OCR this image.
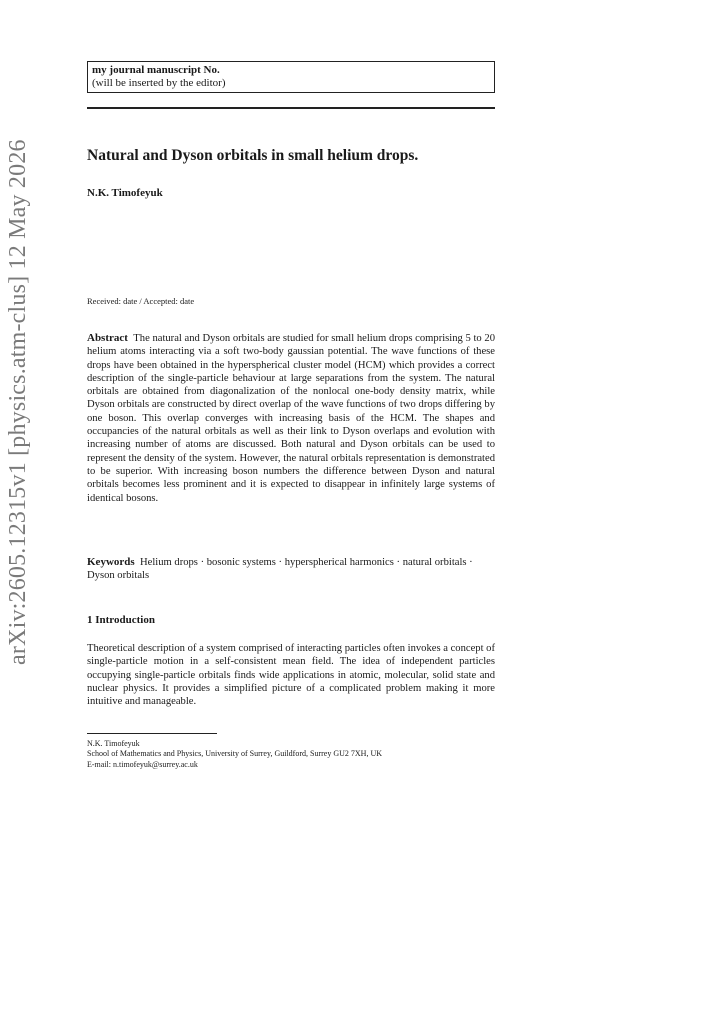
arXiv:2605.12315v1 [physics.atm-clus] 12 May 2026
my journal manuscript No.
(will be inserted by the editor)
Natural and Dyson orbitals in small helium drops.
N.K. Timofeyuk
Received: date / Accepted: date

Abstract The natural and Dyson orbitals are studied for small helium drops comprising 5 to 20 helium atoms interacting via a soft two-body gaussian potential. The wave functions of these drops have been obtained in the hyperspherical cluster model (HCM) which provides a correct description of the single-particle behaviour at large separations from the system. The natural orbitals are obtained from diagonalization of the nonlocal one-body density matrix, while Dyson orbitals are constructed by direct overlap of the wave functions of two drops differing by one boson. This overlap converges with increasing basis of the HCM. The shapes and occupancies of the natural orbitals as well as their link to Dyson overlaps and evolution with increasing number of atoms are discussed. Both natural and Dyson orbitals can be used to represent the density of the system. However, the natural orbitals representation is demonstrated to be superior. With increasing boson numbers the difference between Dyson and natural orbitals becomes less prominent and it is expected to disappear in infinitely large systems of identical bosons.

Keywords Helium drops · bosonic systems · hyperspherical harmonics · natural orbitals · Dyson orbitals

1 Introduction

Theoretical description of a system comprised of interacting particles often invokes a concept of single-particle motion in a self-consistent mean field. The idea of independent particles occupying single-particle orbitals finds wide applications in atomic, molecular, solid state and nuclear physics. It provides a simplified picture of a complicated problem making it more intuitive and manageable.

N.K. Timofeyuk
School of Mathematics and Physics, University of Surrey, Guildford, Surrey GU2 7XH, UK
E-mail: n.timofeyuk@surrey.ac.uk
